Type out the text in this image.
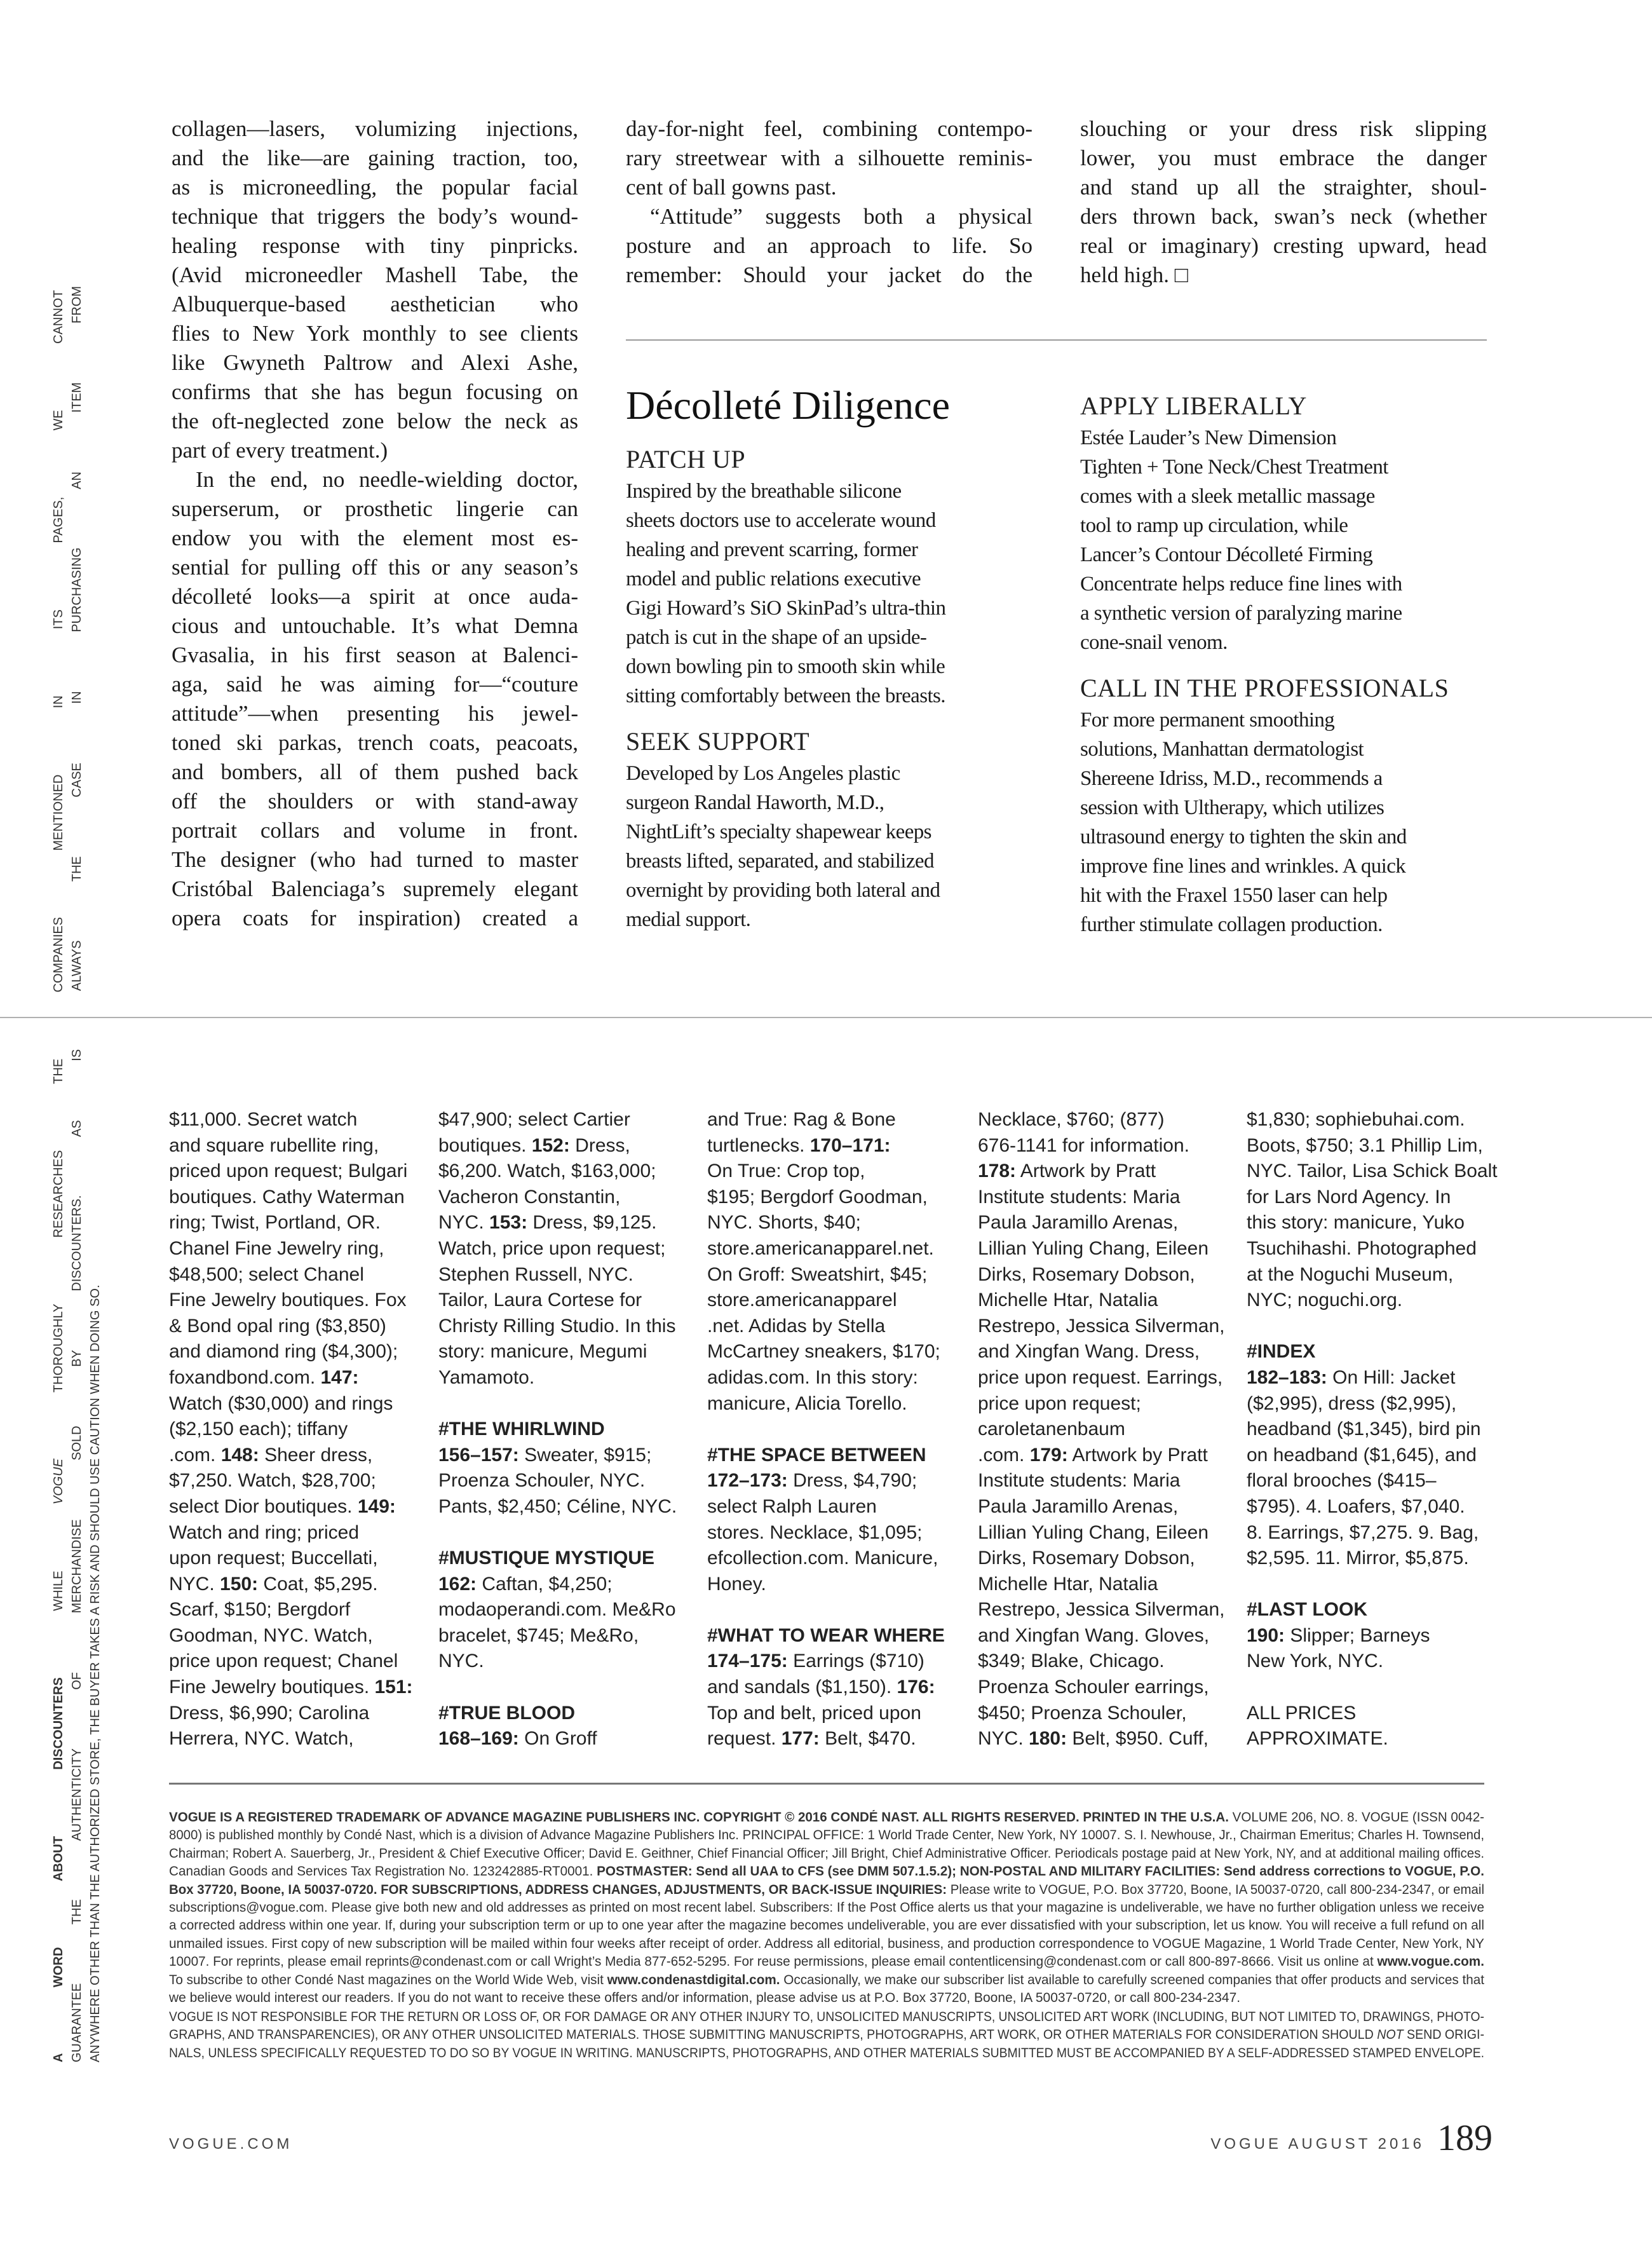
collagen—lasers, volumizing injections,
and the like—are gaining traction, too,
as is microneedling, the popular facial
technique that triggers the body’s wound-
healing response with tiny pinpricks.
(Avid microneedler Mashell Tabe, the
Albuquerque-based aesthetician who
flies to New York monthly to see clients
like Gwyneth Paltrow and Alexi Ashe,
confirms that she has begun focusing on
the oft-neglected zone below the neck as
part of every treatment.)
In the end, no needle-wielding doctor,
superserum, or prosthetic lingerie can
endow you with the element most es-
sential for pulling off this or any season’s
décolleté looks—a spirit at once auda-
cious and untouchable. It’s what Demna
Gvasalia, in his first season at Balenci-
aga, said he was aiming for—“couture
attitude”—when presenting his jewel-
toned ski parkas, trench coats, peacoats,
and bombers, all of them pushed back
off the shoulders or with stand-away
portrait collars and volume in front.
The designer (who had turned to master
Cristóbal Balenciaga’s supremely elegant
opera coats for inspiration) created a
day-for-night feel, combining contempo-
rary streetwear with a silhouette reminis-
cent of ball gowns past.
“Attitude” suggests both a physical
posture and an approach to life. So
remember: Should your jacket do the
slouching or your dress risk slipping
lower, you must embrace the danger
and stand up all the straighter, shoul-
ders thrown back, swan’s neck (whether
real or imaginary) cresting upward, head
held high. □
Décolleté Diligence
PATCH UP
Inspired by the breathable silicone
sheets doctors use to accelerate wound
healing and prevent scarring, former
model and public relations executive
Gigi Howard’s SiO SkinPad’s ultra-thin
patch is cut in the shape of an upside-
down bowling pin to smooth skin while
sitting comfortably between the breasts.
SEEK SUPPORT
Developed by Los Angeles plastic
surgeon Randal Haworth, M.D.,
NightLift’s specialty shapewear keeps
breasts lifted, separated, and stabilized
overnight by providing both lateral and
medial support.
APPLY LIBERALLY
Estée Lauder’s New Dimension
Tighten + Tone Neck/Chest Treatment
comes with a sleek metallic massage
tool to ramp up circulation, while
Lancer’s Contour Décolleté Firming
Concentrate helps reduce fine lines with
a synthetic version of paralyzing marine
cone-snail venom.
CALL IN THE PROFESSIONALS
For more permanent smoothing
solutions, Manhattan dermatologist
Shereene Idriss, M.D., recommends a
session with Ultherapy, which utilizes
ultrasound energy to tighten the skin and
improve fine lines and wrinkles. A quick
hit with the Fraxel 1550 laser can help
further stimulate collagen production.
A WORD ABOUT DISCOUNTERS WHILE VOGUE THOROUGHLY RESEARCHES THE COMPANIES MENTIONED IN ITS PAGES, WE CANNOT GUARANTEE THE AUTHENTICITY OF MERCHANDISE SOLD BY DISCOUNTERS. AS IS ALWAYS THE CASE IN PURCHASING AN ITEM FROM ANYWHERE OTHER THAN THE AUTHORIZED STORE, THE BUYER TAKES A RISK AND SHOULD USE CAUTION WHEN DOING SO.
$11,000. Secret watch
and square rubellite ring,
priced upon request; Bulgari
boutiques. Cathy Waterman
ring; Twist, Portland, OR.
Chanel Fine Jewelry ring,
$48,500; select Chanel
Fine Jewelry boutiques. Fox
& Bond opal ring ($3,850)
and diamond ring ($4,300);
foxandbond.com. 147:
Watch ($30,000) and rings
($2,150 each); tiffany
.com. 148: Sheer dress,
$7,250. Watch, $28,700;
select Dior boutiques. 149:
Watch and ring; priced
upon request; Buccellati,
NYC. 150: Coat, $5,295.
Scarf, $150; Bergdorf
Goodman, NYC. Watch,
price upon request; Chanel
Fine Jewelry boutiques. 151:
Dress, $6,990; Carolina
Herrera, NYC. Watch,
$47,900; select Cartier
boutiques. 152: Dress,
$6,200. Watch, $163,000;
Vacheron Constantin,
NYC. 153: Dress, $9,125.
Watch, price upon request;
Stephen Russell, NYC.
Tailor, Laura Cortese for
Christy Rilling Studio. In this
story: manicure, Megumi
Yamamoto.
#THE WHIRLWIND
156–157: Sweater, $915;
Proenza Schouler, NYC.
Pants, $2,450; Céline, NYC.
#MUSTIQUE MYSTIQUE
162: Caftan, $4,250;
modaoperandi.com. Me&Ro
bracelet, $745; Me&Ro,
NYC.
#TRUE BLOOD
168–169: On Groff
and True: Rag & Bone
turtlenecks. 170–171:
On True: Crop top,
$195; Bergdorf Goodman,
NYC. Shorts, $40;
store.americanapparel.net.
On Groff: Sweatshirt, $45;
store.americanapparel
.net. Adidas by Stella
McCartney sneakers, $170;
adidas.com. In this story:
manicure, Alicia Torello.
#THE SPACE BETWEEN
172–173: Dress, $4,790;
select Ralph Lauren
stores. Necklace, $1,095;
efcollection.com. Manicure,
Honey.
#WHAT TO WEAR WHERE
174–175: Earrings ($710)
and sandals ($1,150). 176:
Top and belt, priced upon
request. 177: Belt, $470.
Necklace, $760; (877)
676-1141 for information.
178: Artwork by Pratt
Institute students: Maria
Paula Jaramillo Arenas,
Lillian Yuling Chang, Eileen
Dirks, Rosemary Dobson,
Michelle Htar, Natalia
Restrepo, Jessica Silverman,
and Xingfan Wang. Dress,
price upon request. Earrings,
price upon request;
caroletanenbaum
.com. 179: Artwork by Pratt
Institute students: Maria
Paula Jaramillo Arenas,
Lillian Yuling Chang, Eileen
Dirks, Rosemary Dobson,
Michelle Htar, Natalia
Restrepo, Jessica Silverman,
and Xingfan Wang. Gloves,
$349; Blake, Chicago.
Proenza Schouler earrings,
$450; Proenza Schouler,
NYC. 180: Belt, $950. Cuff,
$1,830; sophiebuhai.com.
Boots, $750; 3.1 Phillip Lim,
NYC. Tailor, Lisa Schick Boalt
for Lars Nord Agency. In
this story: manicure, Yuko
Tsuchihashi. Photographed
at the Noguchi Museum,
NYC; noguchi.org.
#INDEX
182–183: On Hill: Jacket
($2,995), dress ($2,995),
headband ($1,345), bird pin
on headband ($1,645), and
floral brooches ($415–
$795). 4. Loafers, $7,040.
8. Earrings, $7,275. 9. Bag,
$2,595. 11. Mirror, $5,875.
#LAST LOOK
190: Slipper; Barneys
New York, NYC.
ALL PRICES
APPROXIMATE.
VOGUE IS A REGISTERED TRADEMARK OF ADVANCE MAGAZINE PUBLISHERS INC. COPYRIGHT © 2016 CONDÉ NAST. ALL RIGHTS RESERVED. PRINTED IN THE U.S.A. VOLUME 206, NO. 8. VOGUE (ISSN 0042-
8000) is published monthly by Condé Nast, which is a division of Advance Magazine Publishers Inc. PRINCIPAL OFFICE: 1 World Trade Center, New York, NY 10007. S. I. Newhouse, Jr., Chairman Emeritus; Charles H. Townsend,
Chairman; Robert A. Sauerberg, Jr., President & Chief Executive Officer; David E. Geithner, Chief Financial Officer; Jill Bright, Chief Administrative Officer. Periodicals postage paid at New York, NY, and at additional mailing offices.
Canadian Goods and Services Tax Registration No. 123242885-RT0001. POSTMASTER: Send all UAA to CFS (see DMM 507.1.5.2); NON-POSTAL AND MILITARY FACILITIES: Send address corrections to VOGUE, P.O.
Box 37720, Boone, IA 50037-0720. FOR SUBSCRIPTIONS, ADDRESS CHANGES, ADJUSTMENTS, OR BACK-ISSUE INQUIRIES: Please write to VOGUE, P.O. Box 37720, Boone, IA 50037-0720, call 800-234-2347, or email
subscriptions@vogue.com. Please give both new and old addresses as printed on most recent label. Subscribers: If the Post Office alerts us that your magazine is undeliverable, we have no further obligation unless we receive
a corrected address within one year. If, during your subscription term or up to one year after the magazine becomes undeliverable, you are ever dissatisfied with your subscription, let us know. You will receive a full refund on all
unmailed issues. First copy of new subscription will be mailed within four weeks after receipt of order. Address all editorial, business, and production correspondence to VOGUE Magazine, 1 World Trade Center, New York, NY
10007. For reprints, please email reprints@condenast.com or call Wright’s Media 877-652-5295. For reuse permissions, please email contentlicensing@condenast.com or call 800-897-8666. Visit us online at www.vogue.com.
To subscribe to other Condé Nast magazines on the World Wide Web, visit www.condenastdigital.com. Occasionally, we make our subscriber list available to carefully screened companies that offer products and services that
we believe would interest our readers. If you do not want to receive these offers and/or information, please advise us at P.O. Box 37720, Boone, IA 50037-0720, or call 800-234-2347.
VOGUE IS NOT RESPONSIBLE FOR THE RETURN OR LOSS OF, OR FOR DAMAGE OR ANY OTHER INJURY TO, UNSOLICITED MANUSCRIPTS, UNSOLICITED ART WORK (INCLUDING, BUT NOT LIMITED TO, DRAWINGS, PHOTO-
GRAPHS, AND TRANSPARENCIES), OR ANY OTHER UNSOLICITED MATERIALS. THOSE SUBMITTING MANUSCRIPTS, PHOTOGRAPHS, ART WORK, OR OTHER MATERIALS FOR CONSIDERATION SHOULD NOT SEND ORIGI-
NALS, UNLESS SPECIFICALLY REQUESTED TO DO SO BY VOGUE IN WRITING. MANUSCRIPTS, PHOTOGRAPHS, AND OTHER MATERIALS SUBMITTED MUST BE ACCOMPANIED BY A SELF-ADDRESSED STAMPED ENVELOPE.
VOGUE.COM	VOGUE AUGUST 2016 189
